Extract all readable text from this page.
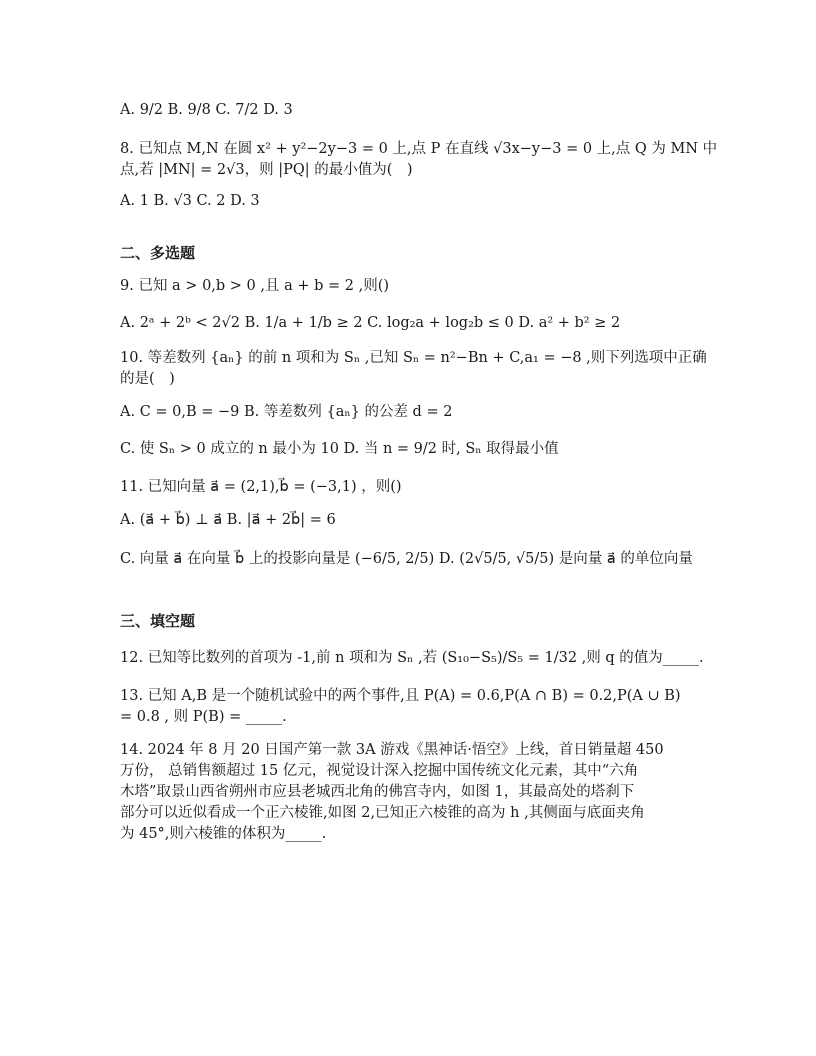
A. 9/2 B. 9/8 C. 7/2 D. 3
8. 已知点 M,N 在圆 x² + y²−2y−3 = 0 上,点 P 在直线 √3x−y−3 = 0 上,点 Q 为 MN 中
点,若 |MN| = 2√3，则 |PQ| 的最小值为(　)
A. 1 B. √3 C. 2 D. 3
二、多选题
9. 已知 a > 0,b > 0 ,且 a + b = 2 ,则()
A. 2ᵃ + 2ᵇ < 2√2 B. 1/a + 1/b ≥ 2 C. log₂a + log₂b ≤ 0 D. a² + b² ≥ 2
10. 等差数列 {aₙ} 的前 n 项和为 Sₙ ,已知 Sₙ = n²−Bn + C,a₁ = −8 ,则下列选项中正确
的是(　)
A. C = 0,B = −9 B. 等差数列 {aₙ} 的公差 d = 2
C. 使 Sₙ > 0 成立的 n 最小为 10 D. 当 n = 9/2 时, Sₙ 取得最小值
11. 已知向量 a⃗ = (2,1),b⃗ = (−3,1) ，则()
A. (a⃗ + b⃗) ⊥ a⃗ B. |a⃗ + 2b⃗| = 6
C. 向量 a⃗ 在向量 b⃗ 上的投影向量是 (−6/5, 2/5) D. (2√5/5, √5/5) 是向量 a⃗ 的单位向量
三、填空题
12. 已知等比数列的首项为 -1,前 n 项和为 Sₙ ,若 (S₁₀−S₅)/S₅ = 1/32 ,则 q 的值为_____.
13. 已知 A,B 是一个随机试验中的两个事件,且 P(A) = 0.6,P(A ∩ B) = 0.2,P(A ∪ B)
= 0.8 , 则 P(B) = _____.
14. 2024 年 8 月 20 日国产第一款 3A 游戏《黑神话·悟空》上线，首日销量超 450
万份， 总销售额超过 15 亿元，视觉设计深入挖掘中国传统文化元素，其中“六角
木塔”取景山西省朔州市应县老城西北角的佛宫寺内，如图 1，其最高处的塔刹下
部分可以近似看成一个正六棱锥,如图 2,已知正六棱锥的高为 h ,其侧面与底面夹角
为 45°,则六棱锥的体积为_____.
